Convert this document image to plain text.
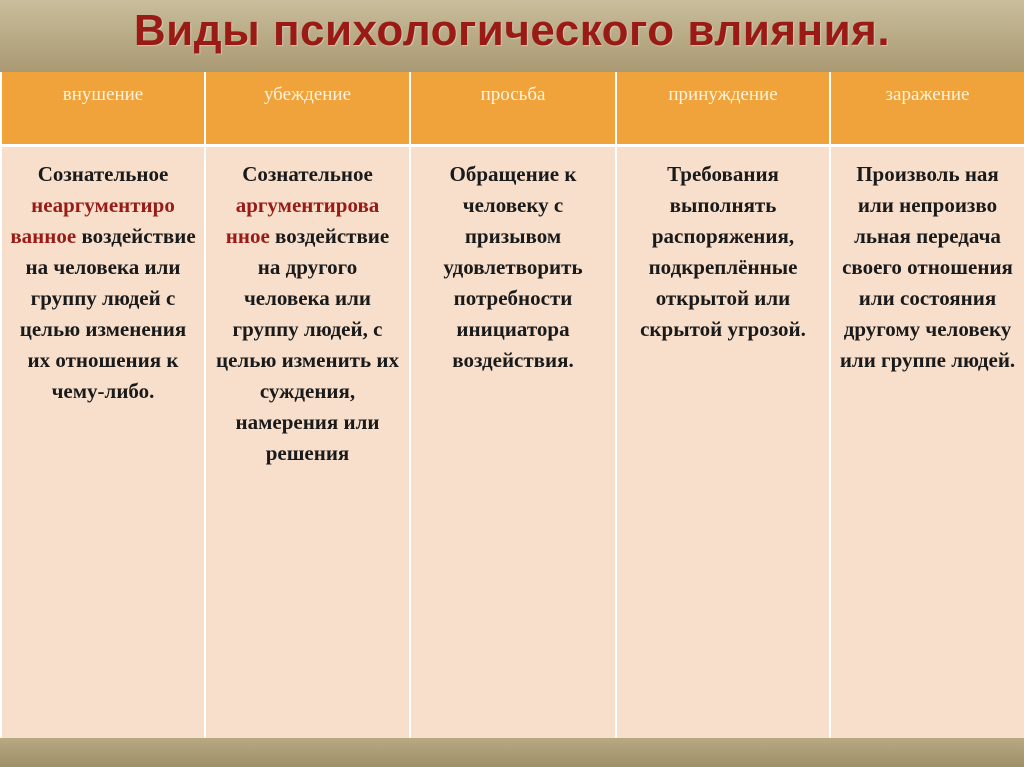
Виды психологического влияния.
внушение	убеждение	просьба	принуждение	заражение
Сознательное неаргументиро ванное воздействие на человека или группу людей с целью изменения их отношения к чему-либо.	Сознательное аргументирова нное воздействие на другого человека или группу людей, с целью изменить их суждения, намерения или решения	Обращение к человеку с призывом удовлетворить потребности инициатора воздействия.	Требования выполнять распоряжения, подкреплённые открытой или скрытой угрозой.	Произволь ная или непроизво льная передача своего отношения или состояния другому человеку или группе людей.
